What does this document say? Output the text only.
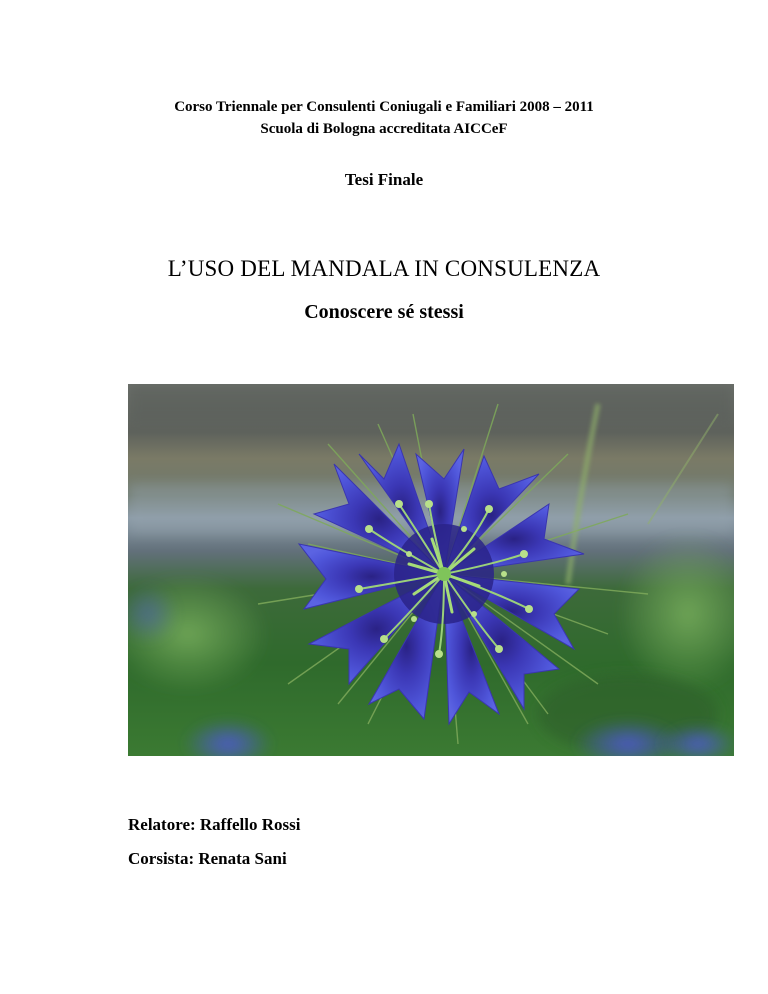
Corso Triennale per Consulenti Coniugali e Familiari 2008 – 2011
Scuola di Bologna accreditata AICCeF
Tesi Finale
L’USO DEL MANDALA IN CONSULENZA
Conoscere sé stessi
Relatore: Raffello Rossi
Corsista: Renata Sani
